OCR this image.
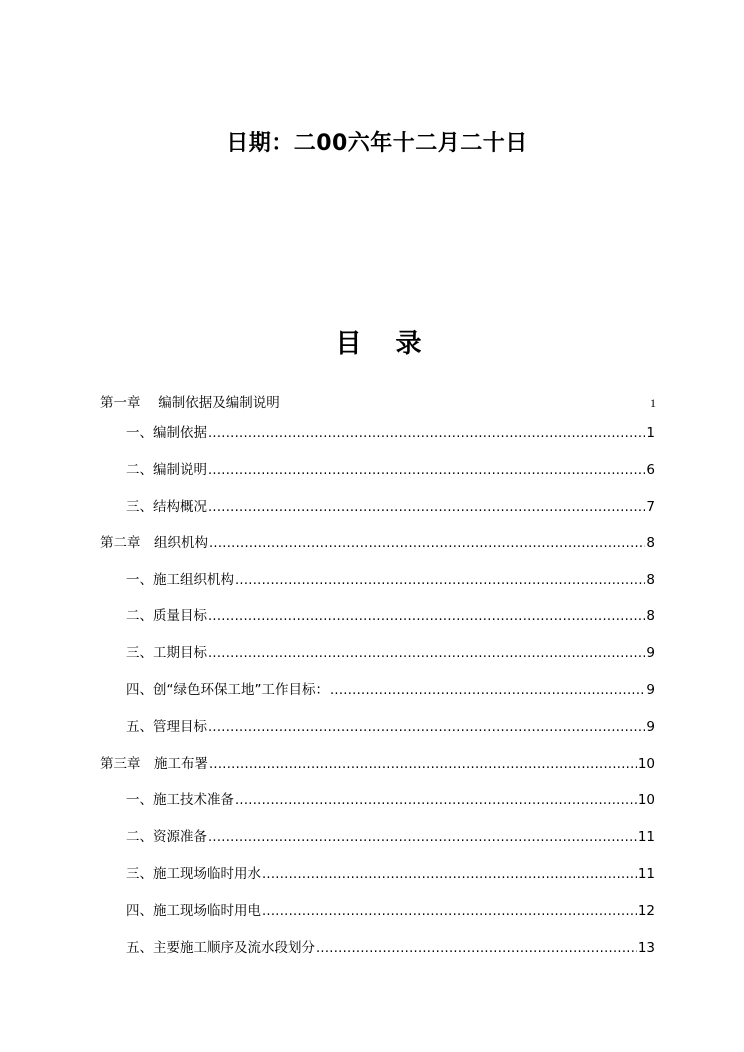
日期：二00六年十二月二十日
目 录
第一章　 编制依据及编制说明	1
一、编制依据 .....	1
二、编制说明 .....	6
三、结构概况 .....	7
第二章　组织机构 .....	8
一、施工组织机构 .....	8
二、质量目标 .....	8
三、工期目标 .....	9
四、创“绿色环保工地”工作目标： .....	9
五、管理目标 .....	9
第三章　施工布署 .....	10
一、施工技术准备 .....	10
二、资源准备 .....	11
三、施工现场临时用水 .....	11
四、施工现场临时用电 .....	12
五、主要施工顺序及流水段划分 .....	13
